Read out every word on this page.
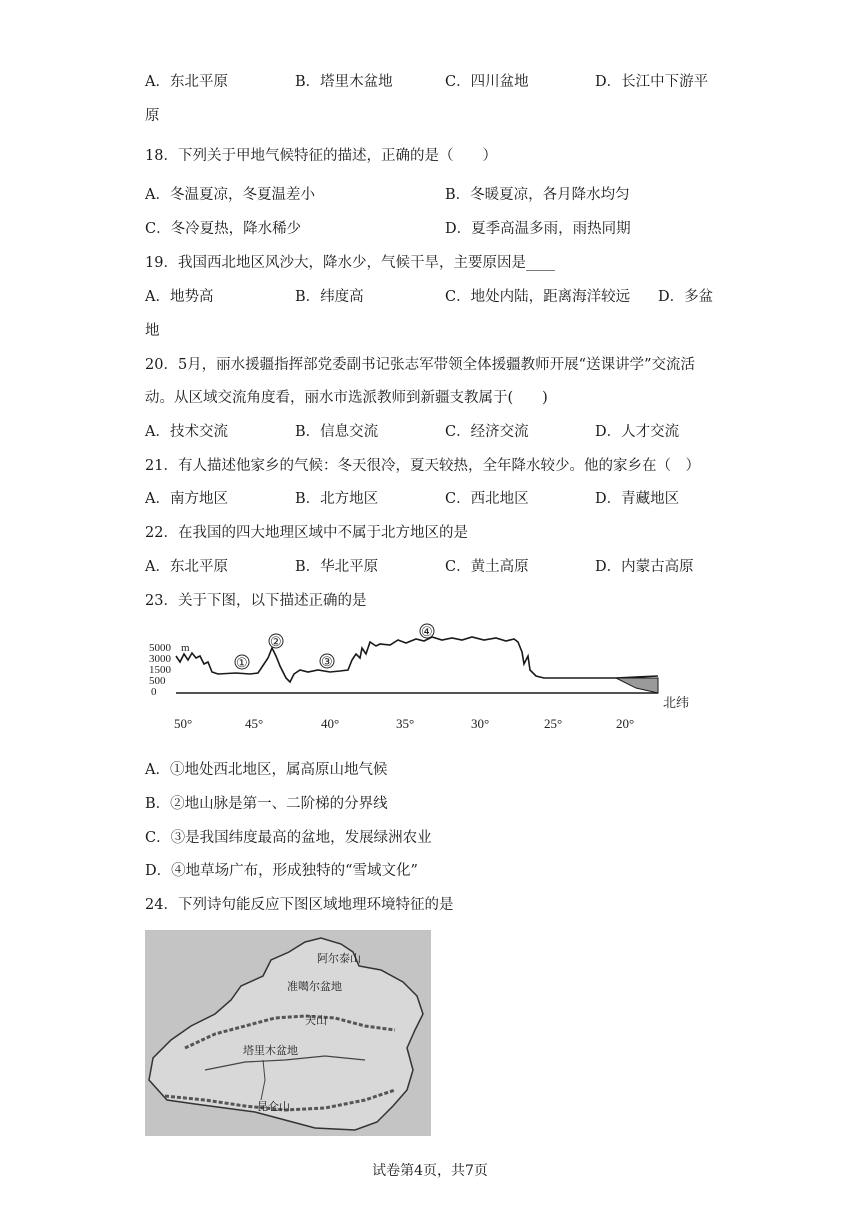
A．东北平原	B．塔里木盆地	C．四川盆地	D．长江中下游平
原
18．下列关于甲地气候特征的描述，正确的是（　　）
A．冬温夏凉，冬夏温差小	B．冬暖夏凉，各月降水均匀
C．冬冷夏热，降水稀少	D．夏季高温多雨，雨热同期
19．我国西北地区风沙大，降水少，气候干旱，主要原因是____
A．地势高	B．纬度高	C．地处内陆，距离海洋较远 D．多盆
地
20．5月，丽水援疆指挥部党委副书记张志军带领全体援疆教师开展“送课讲学”交流活
动。从区域交流角度看，丽水市选派教师到新疆支教属于(　　)
A．技术交流	B．信息交流	C．经济交流	D．人才交流
21．有人描述他家乡的气候：冬天很冷，夏天较热，全年降水较少。他的家乡在（　）
A．南方地区	B．北方地区	C．西北地区	D．青藏地区
22．在我国的四大地理区域中不属于北方地区的是
A．东北平原	B．华北平原	C．黄土高原	D．内蒙古高原
23．关于下图，以下描述正确的是
5000 m
3000
1500
500
0
①
②
③
④
50°	45°	40°	35°	30°	25°	20°
北纬
A．①地处西北地区，属高原山地气候
B．②地山脉是第一、二阶梯的分界线
C．③是我国纬度最高的盆地，发展绿洲农业
D．④地草场广布，形成独特的“雪域文化”
24．下列诗句能反应下图区域地理环境特征的是
阿尔泰山
准噶尔盆地
天山
塔里木盆地
昆仑山
试卷第4页，共7页
